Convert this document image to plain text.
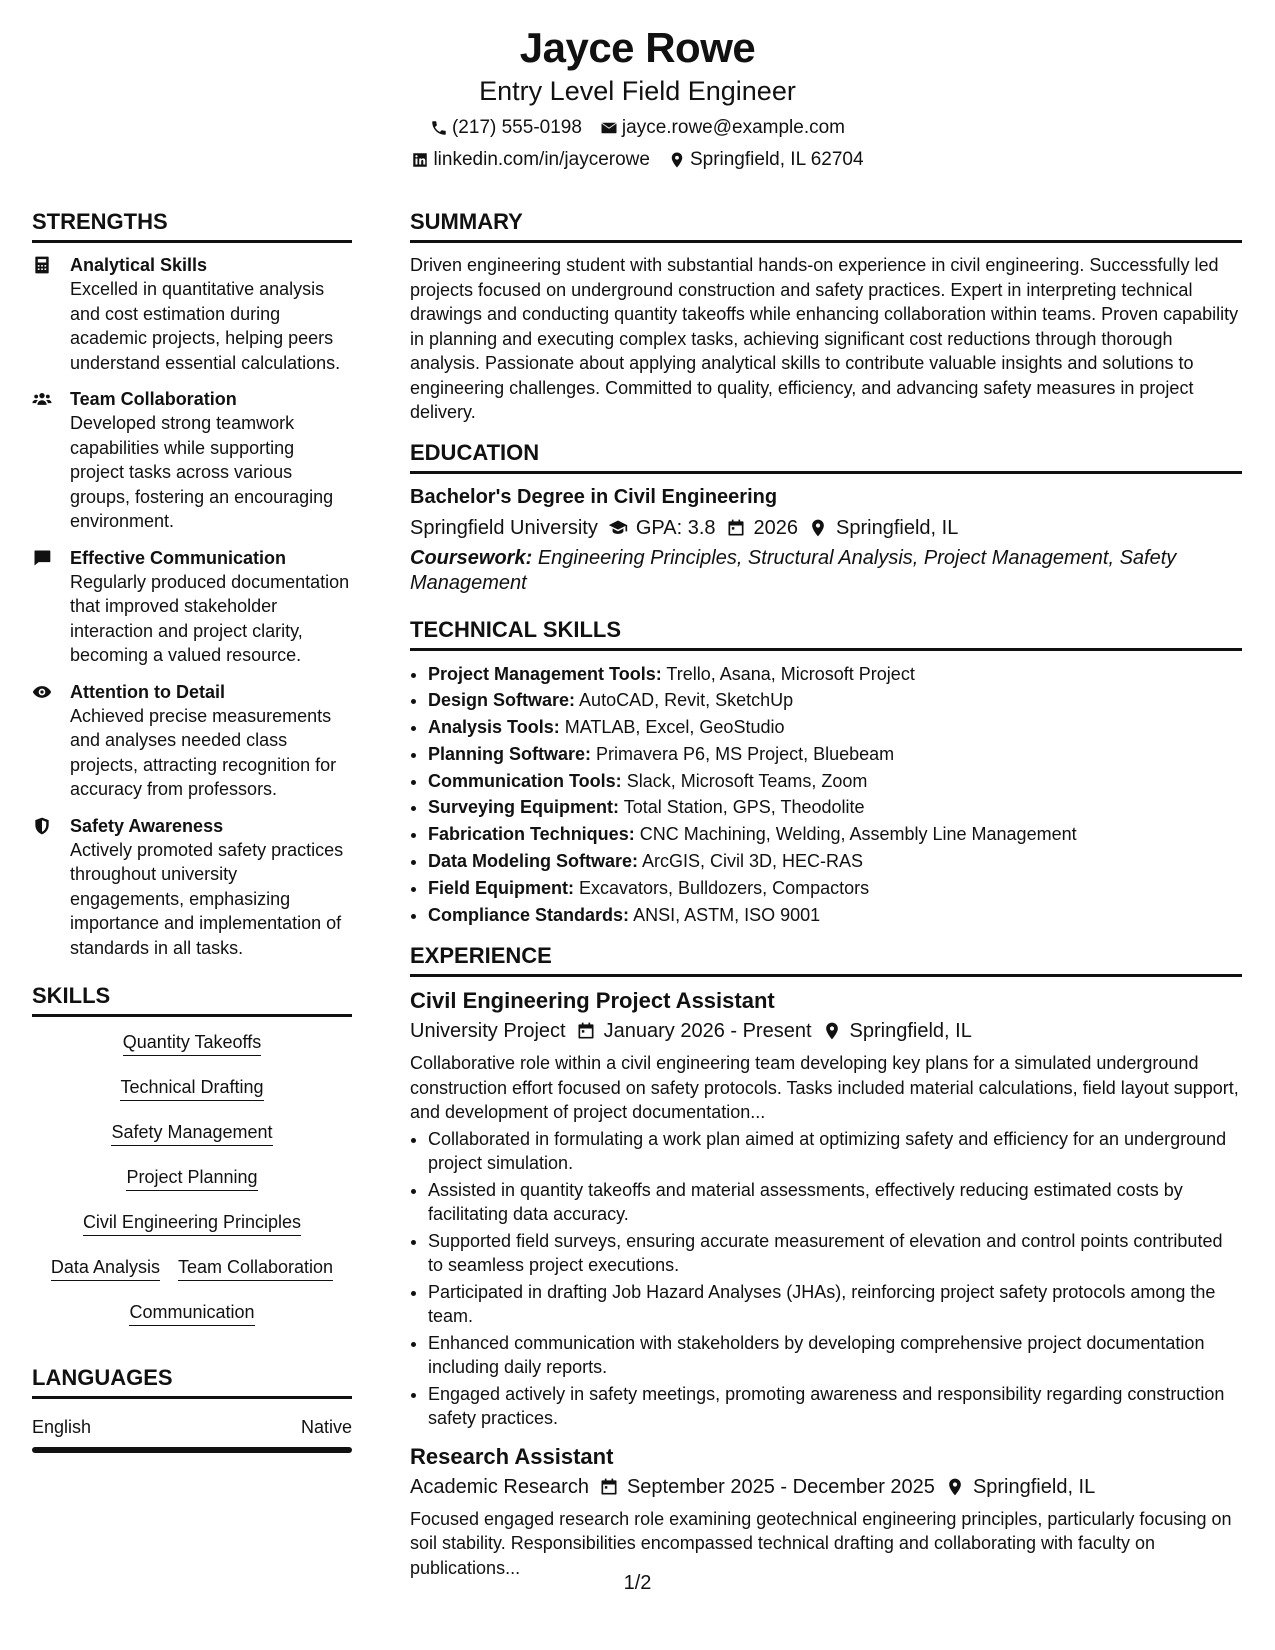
Jayce Rowe
Entry Level Field Engineer
(217) 555-0198 jayce.rowe@example.com
linkedin.com/in/jaycerowe Springfield, IL 62704
STRENGTHS
Analytical Skills
Excelled in quantitative analysis and cost estimation during academic projects, helping peers understand essential calculations.
Team Collaboration
Developed strong teamwork capabilities while supporting project tasks across various groups, fostering an encouraging environment.
Effective Communication
Regularly produced documentation that improved stakeholder interaction and project clarity, becoming a valued resource.
Attention to Detail
Achieved precise measurements and analyses needed class projects, attracting recognition for accuracy from professors.
Safety Awareness
Actively promoted safety practices throughout university engagements, emphasizing importance and implementation of standards in all tasks.
SKILLS
Quantity Takeoffs
Technical Drafting
Safety Management
Project Planning
Civil Engineering Principles
Data Analysis Team Collaboration
Communication
LANGUAGES
English	Native
SUMMARY

Driven engineering student with substantial hands-on experience in civil engineering. Successfully led projects focused on underground construction and safety practices. Expert in interpreting technical drawings and conducting quantity takeoffs while enhancing collaboration within teams. Proven capability in planning and executing complex tasks, achieving significant cost reductions through thorough analysis. Passionate about applying analytical skills to contribute valuable insights and solutions to engineering challenges. Committed to quality, efficiency, and advancing safety measures in project delivery.

EDUCATION
Bachelor's Degree in Civil Engineering
Springfield University GPA: 3.8 2026 Springfield, IL
Coursework: Engineering Principles, Structural Analysis, Project Management, Safety Management
TECHNICAL SKILLS
• Project Management Tools: Trello, Asana, Microsoft Project
• Design Software: AutoCAD, Revit, SketchUp
• Analysis Tools: MATLAB, Excel, GeoStudio
• Planning Software: Primavera P6, MS Project, Bluebeam
• Communication Tools: Slack, Microsoft Teams, Zoom
• Surveying Equipment: Total Station, GPS, Theodolite
• Fabrication Techniques: CNC Machining, Welding, Assembly Line Management
• Data Modeling Software: ArcGIS, Civil 3D, HEC-RAS
• Field Equipment: Excavators, Bulldozers, Compactors
• Compliance Standards: ANSI, ASTM, ISO 9001
EXPERIENCE
Civil Engineering Project Assistant
University Project January 2026 - Present Springfield, IL

Collaborative role within a civil engineering team developing key plans for a simulated underground construction effort focused on safety protocols. Tasks included material calculations, field layout support, and development of project documentation...

• Collaborated in formulating a work plan aimed at optimizing safety and efficiency for an underground project simulation.
• Assisted in quantity takeoffs and material assessments, effectively reducing estimated costs by facilitating data accuracy.
• Supported field surveys, ensuring accurate measurement of elevation and control points contributed to seamless project executions.
• Participated in drafting Job Hazard Analyses (JHAs), reinforcing project safety protocols among the team.
• Enhanced communication with stakeholders by developing comprehensive project documentation including daily reports.
• Engaged actively in safety meetings, promoting awareness and responsibility regarding construction safety practices.
Research Assistant
Academic Research September 2025 - December 2025 Springfield, IL

Focused engaged research role examining geotechnical engineering principles, particularly focusing on soil stability. Responsibilities encompassed technical drafting and collaborating with faculty on publications...

1/2
